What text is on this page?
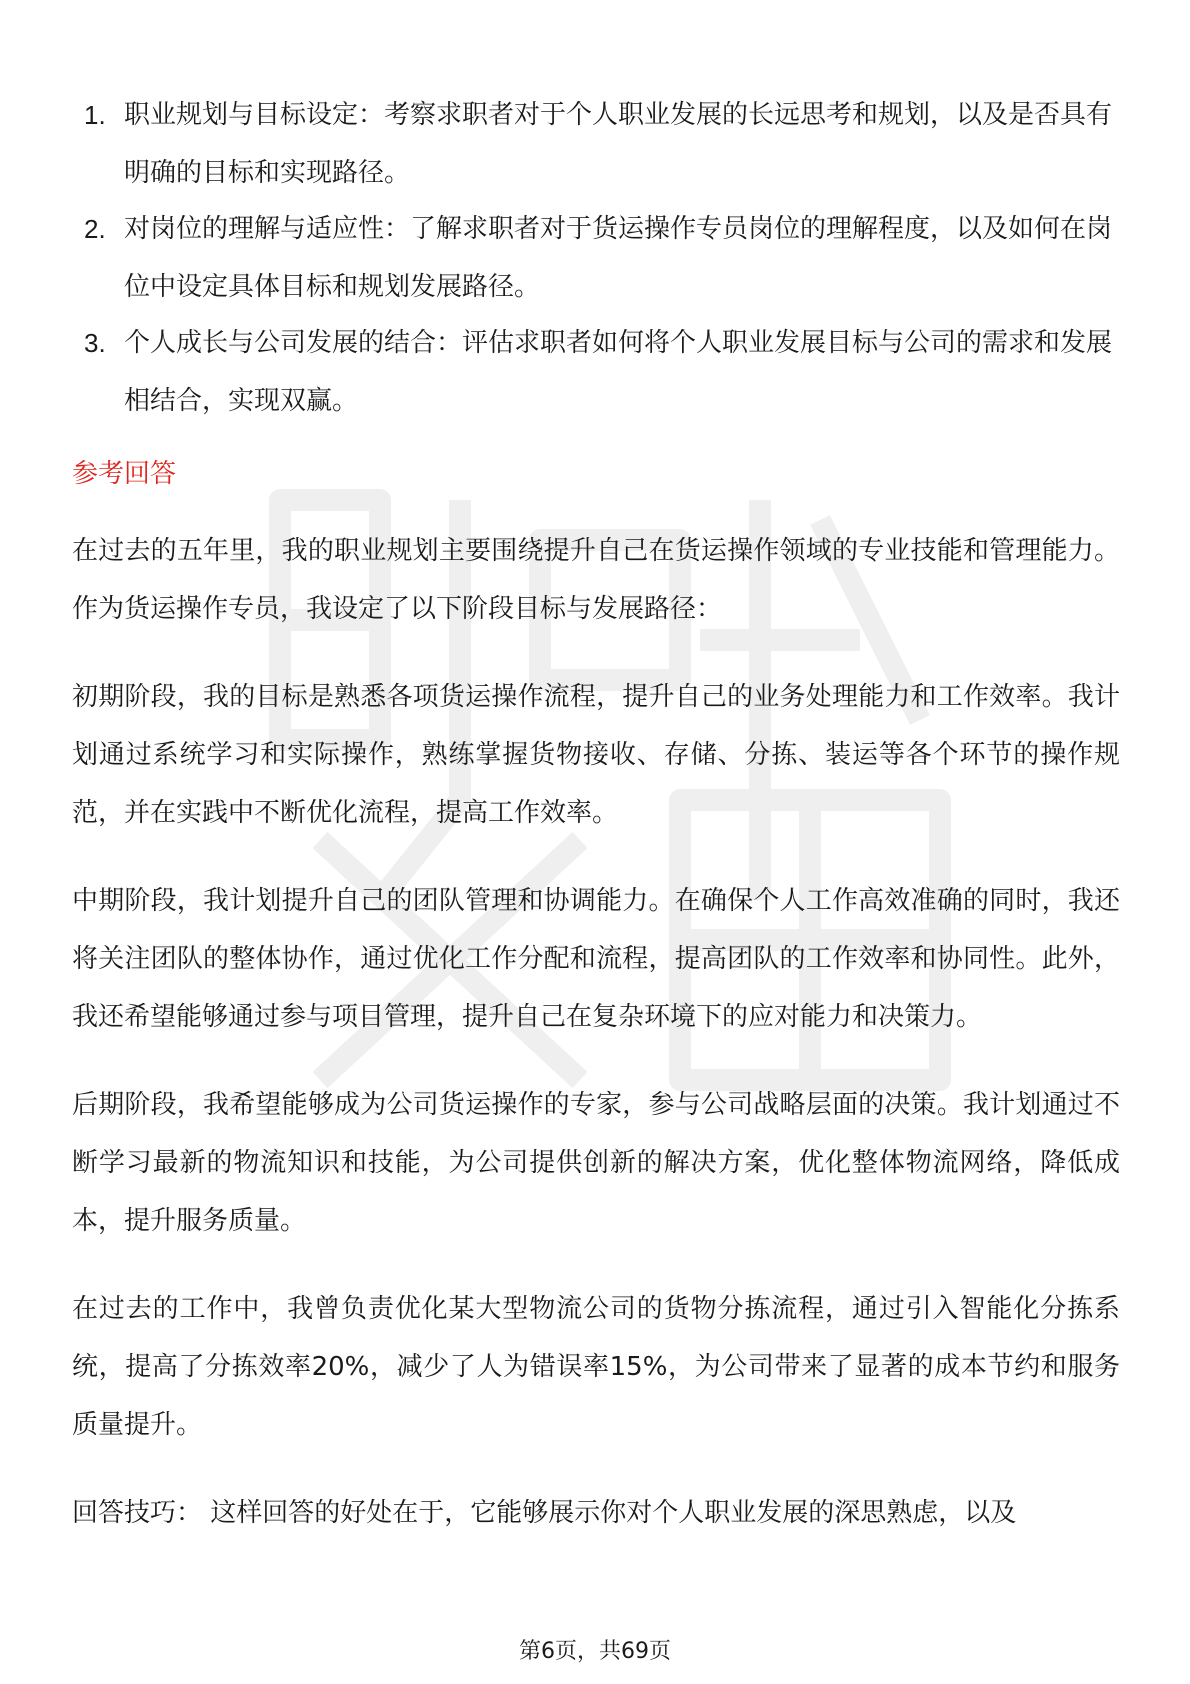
1. 职业规划与目标设定：考察求职者对于个人职业发展的长远思考和规划，以及是否具有明确的目标和实现路径。
2. 对岗位的理解与适应性：了解求职者对于货运操作专员岗位的理解程度，以及如何在岗位中设定具体目标和规划发展路径。
3. 个人成长与公司发展的结合：评估求职者如何将个人职业发展目标与公司的需求和发展相结合，实现双赢。
参考回答

在过去的五年里，我的职业规划主要围绕提升自己在货运操作领域的专业技能和管理能力。作为货运操作专员，我设定了以下阶段目标与发展路径：

初期阶段，我的目标是熟悉各项货运操作流程，提升自己的业务处理能力和工作效率。我计划通过系统学习和实际操作，熟练掌握货物接收、存储、分拣、装运等各个环节的操作规范，并在实践中不断优化流程，提高工作效率。

中期阶段，我计划提升自己的团队管理和协调能力。在确保个人工作高效准确的同时，我还将关注团队的整体协作，通过优化工作分配和流程，提高团队的工作效率和协同性。此外，我还希望能够通过参与项目管理，提升自己在复杂环境下的应对能力和决策力。

后期阶段，我希望能够成为公司货运操作的专家，参与公司战略层面的决策。我计划通过不断学习最新的物流知识和技能，为公司提供创新的解决方案，优化整体物流网络，降低成本，提升服务质量。

在过去的工作中，我曾负责优化某大型物流公司的货物分拣流程，通过引入智能化分拣系统，提高了分拣效率20%，减少了人为错误率15%，为公司带来了显著的成本节约和服务质量提升。

回答技巧： 这样回答的好处在于，它能够展示你对个人职业发展的深思熟虑，以及

第6页，共69页
